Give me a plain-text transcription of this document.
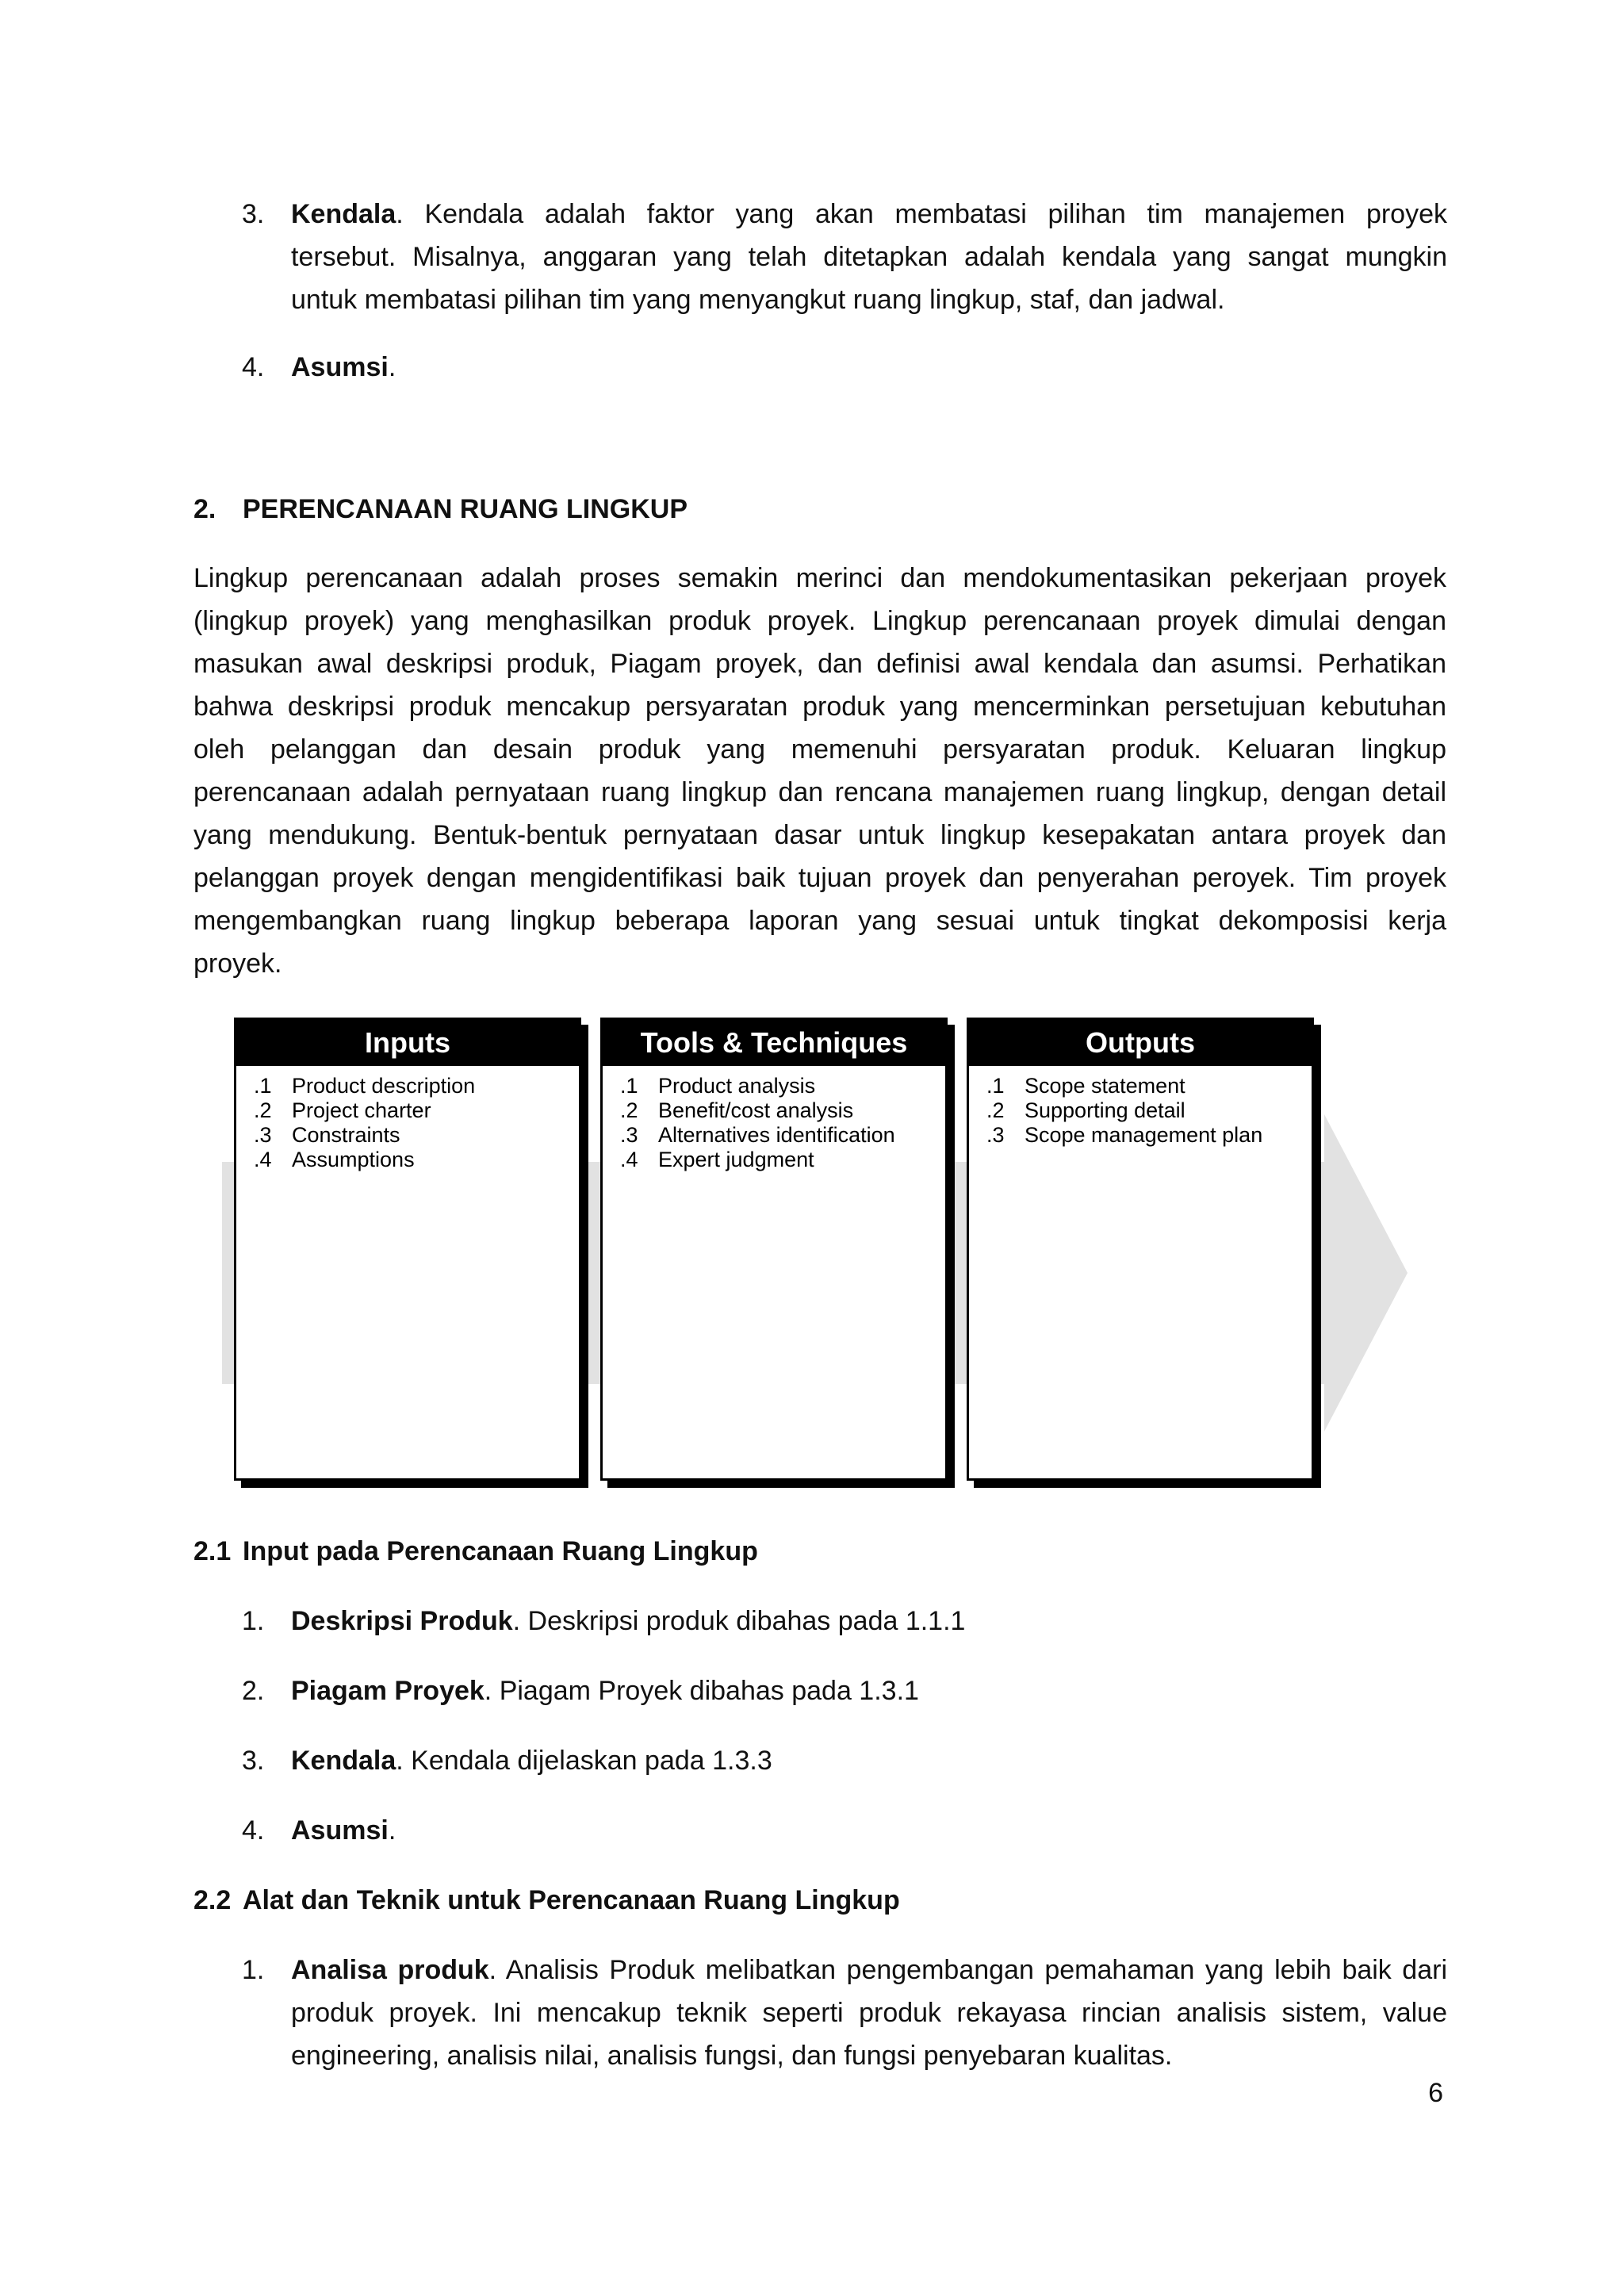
3. Kendala. Kendala adalah faktor yang akan membatasi pilihan tim manajemen proyek
tersebut. Misalnya, anggaran yang telah ditetapkan adalah kendala yang sangat mungkin
untuk membatasi pilihan tim yang menyangkut ruang lingkup, staf, dan jadwal.
4. Asumsi.
2. PERENCANAAN RUANG LINGKUP
Lingkup perencanaan adalah proses semakin merinci dan mendokumentasikan pekerjaan proyek
(lingkup proyek) yang menghasilkan produk proyek. Lingkup perencanaan proyek dimulai dengan
masukan awal deskripsi produk, Piagam proyek, dan definisi awal kendala dan asumsi. Perhatikan
bahwa deskripsi produk mencakup persyaratan produk yang mencerminkan persetujuan kebutuhan
oleh pelanggan dan desain produk yang memenuhi persyaratan produk. Keluaran lingkup
perencanaan adalah pernyataan ruang lingkup dan rencana manajemen ruang lingkup, dengan detail
yang mendukung. Bentuk-bentuk pernyataan dasar untuk lingkup kesepakatan antara proyek dan
pelanggan proyek dengan mengidentifikasi baik tujuan proyek dan penyerahan peroyek. Tim proyek
mengembangkan ruang lingkup beberapa laporan yang sesuai untuk tingkat dekomposisi kerja
proyek.
Inputs
.1 Product description
.2 Project charter
.3 Constraints
.4 Assumptions
Tools & Techniques
.1 Product analysis
.2 Benefit/cost analysis
.3 Alternatives identification
.4 Expert judgment
Outputs
.1 Scope statement
.2 Supporting detail
.3 Scope management plan
2.1 Input pada Perencanaan Ruang Lingkup
1. Deskripsi Produk. Deskripsi produk dibahas pada 1.1.1
2. Piagam Proyek. Piagam Proyek dibahas pada 1.3.1
3. Kendala. Kendala dijelaskan pada 1.3.3
4. Asumsi.
2.2 Alat dan Teknik untuk Perencanaan Ruang Lingkup
1. Analisa produk. Analisis Produk melibatkan pengembangan pemahaman yang lebih baik dari
produk proyek. Ini mencakup teknik seperti produk rekayasa rincian analisis sistem, value
engineering, analisis nilai, analisis fungsi, dan fungsi penyebaran kualitas.
6
